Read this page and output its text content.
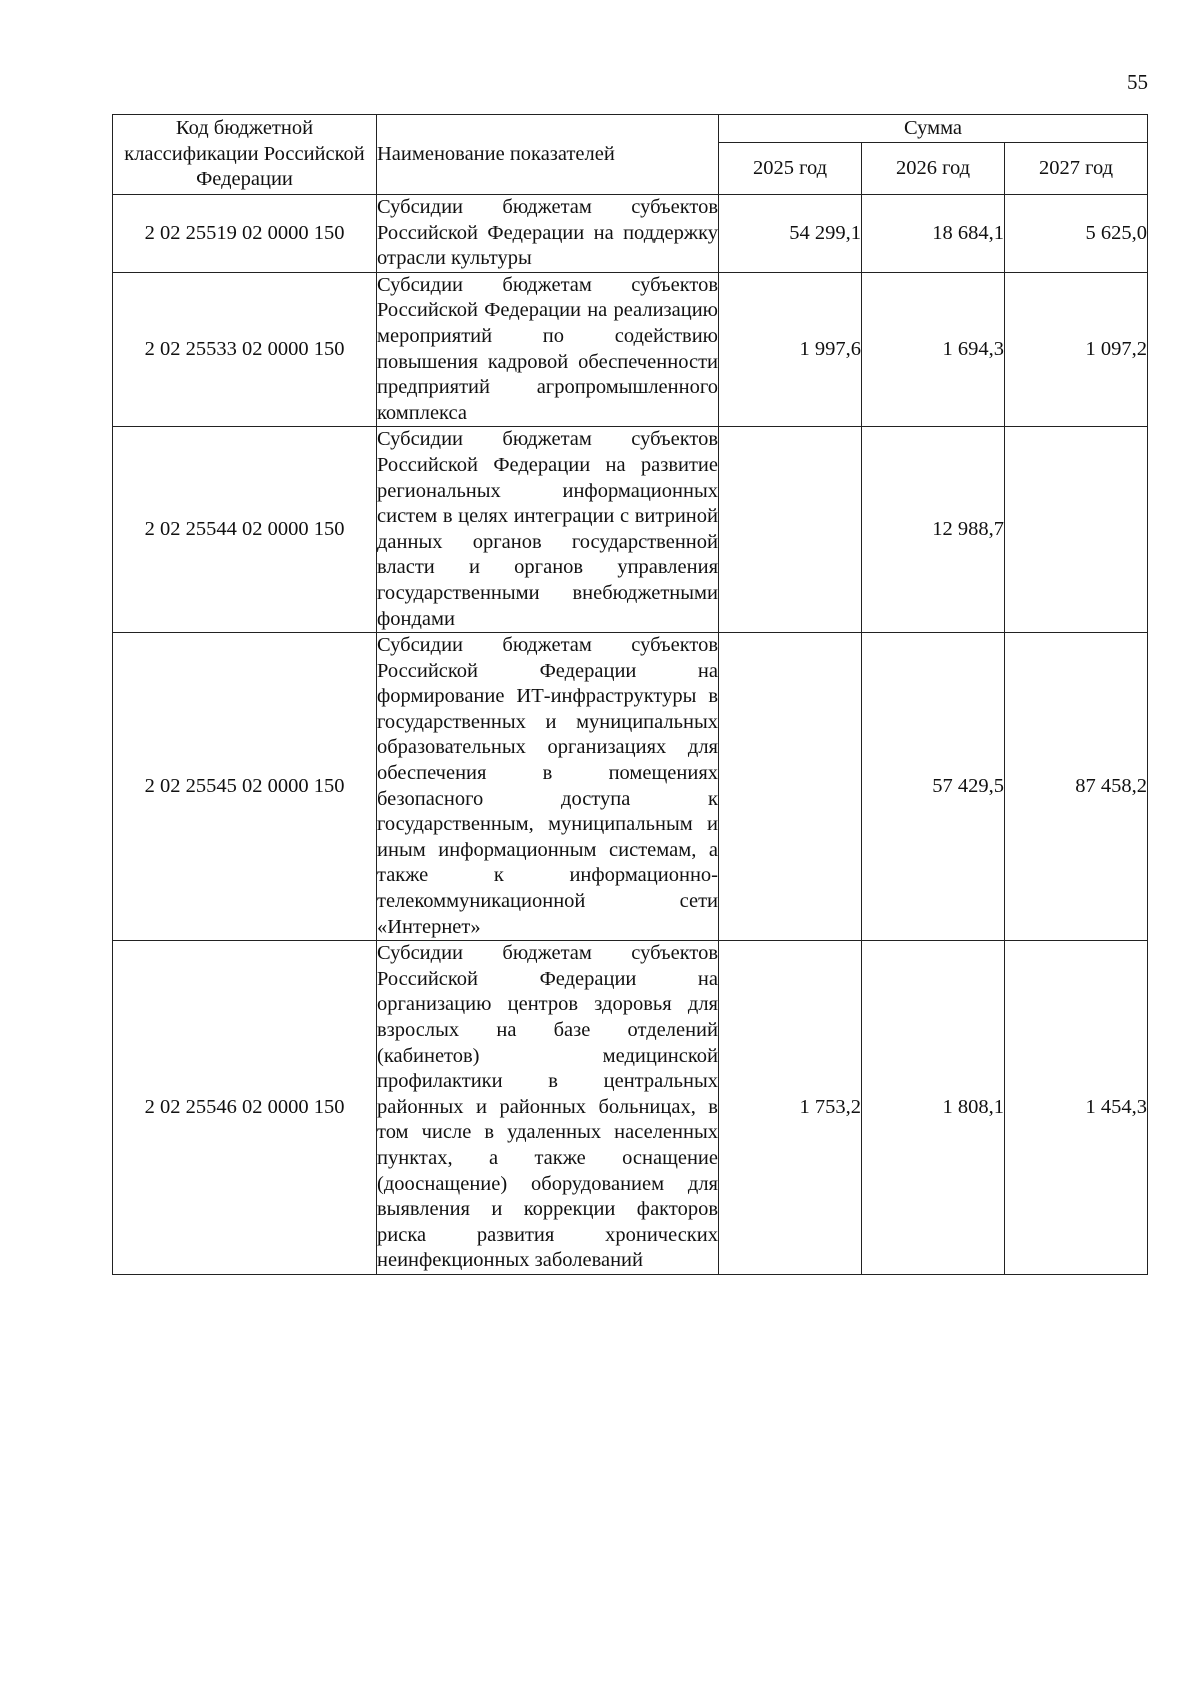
55
Код бюджетной классификации Российской Федерации	Наименование показателей	Сумма		
		2025 год	2026 год	2027 год
2 02 25519 02 0000 150	Субсидии бюджетам субъектов Российской Федерации на поддержку отрасли культуры	54 299,1	18 684,1	5 625,0
2 02 25533 02 0000 150	Субсидии бюджетам субъектов Российской Федерации на реализацию мероприятий по содействию повышения кадровой обеспеченности предприятий агропромышленного комплекса	1 997,6	1 694,3	1 097,2
2 02 25544 02 0000 150	Субсидии бюджетам субъектов Российской Федерации на развитие региональных информационных систем в целях интеграции с витриной данных органов государственной власти и органов управления государственными внебюджетными фондами		12 988,7	
2 02 25545 02 0000 150	Субсидии бюджетам субъектов Российской Федерации на формирование ИТ-инфраструктуры в государственных и муниципальных образовательных организациях для обеспечения в помещениях безопасного доступа к государственным, муниципальным и иным информационным системам, а также к информационно-телекоммуникационной сети «Интернет»		57 429,5	87 458,2
2 02 25546 02 0000 150	Субсидии бюджетам субъектов Российской Федерации на организацию центров здоровья для взрослых на базе отделений (кабинетов) медицинской профилактики в центральных районных и районных больницах, в том числе в удаленных населенных пунктах, а также оснащение (дооснащение) оборудованием для выявления и коррекции факторов риска развития хронических неинфекционных заболеваний	1 753,2	1 808,1	1 454,3
